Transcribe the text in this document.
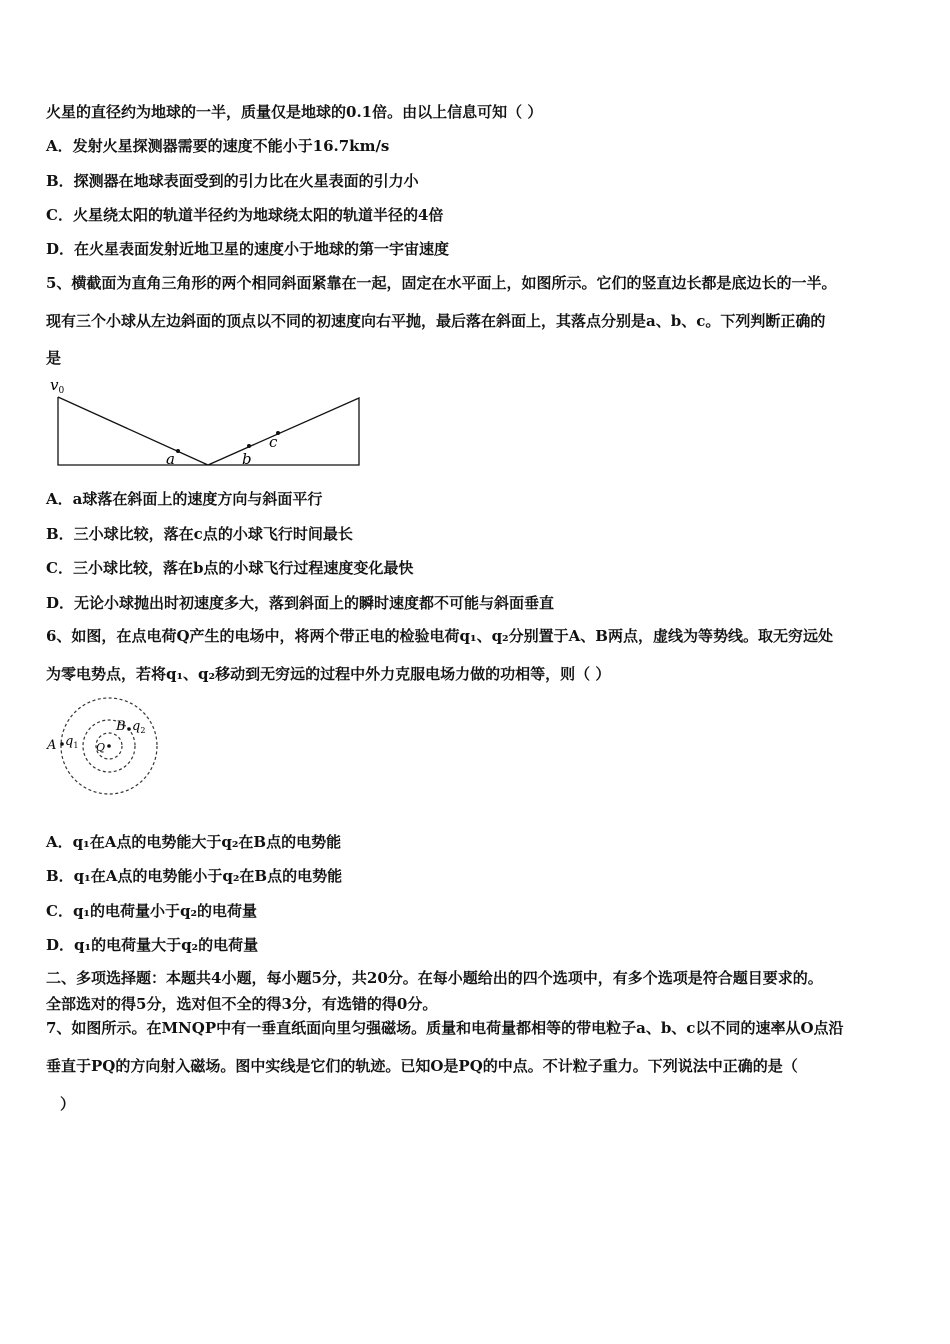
火星的直径约为地球的一半，质量仅是地球的0.1倍。由以上信息可知（ ）
A．发射火星探测器需要的速度不能小于16.7km/s
B．探测器在地球表面受到的引力比在火星表面的引力小
C．火星绕太阳的轨道半径约为地球绕太阳的轨道半径的4倍
D．在火星表面发射近地卫星的速度小于地球的第一宇宙速度
5、横截面为直角三角形的两个相同斜面紧靠在一起，固定在水平面上，如图所示。它们的竖直边长都是底边长的一半。
现有三个小球从左边斜面的顶点以不同的初速度向右平抛，最后落在斜面上，其落点分别是a、b、c。下列判断正确的
是
$v_0$
a	b
c
A．a球落在斜面上的速度方向与斜面平行
B．三小球比较，落在c点的小球飞行时间最长
C．三小球比较，落在b点的小球飞行过程速度变化最快
D．无论小球抛出时初速度多大，落到斜面上的瞬时速度都不可能与斜面垂直
6、如图，在点电荷Q产生的电场中，将两个带正电的检验电荷q₁、q₂分别置于A、B两点，虚线为等势线。取无穷远处
为零电势点，若将q₁、q₂移动到无穷远的过程中外力克服电场力做的功相等，则（ ）
A $q_1$
B $q_2$
Q
A．q₁在A点的电势能大于q₂在B点的电势能
B．q₁在A点的电势能小于q₂在B点的电势能
C．q₁的电荷量小于q₂的电荷量
D．q₁的电荷量大于q₂的电荷量
二、多项选择题：本题共4小题，每小题5分，共20分。在每小题给出的四个选项中，有多个选项是符合题目要求的。
全部选对的得5分，选对但不全的得3分，有选错的得0分。
7、如图所示。在MNQP中有一垂直纸面向里匀强磁场。质量和电荷量都相等的带电粒子a、b、c以不同的速率从O点沿
垂直于PQ的方向射入磁场。图中实线是它们的轨迹。已知O是PQ的中点。不计粒子重力。下列说法中正确的是（
）
